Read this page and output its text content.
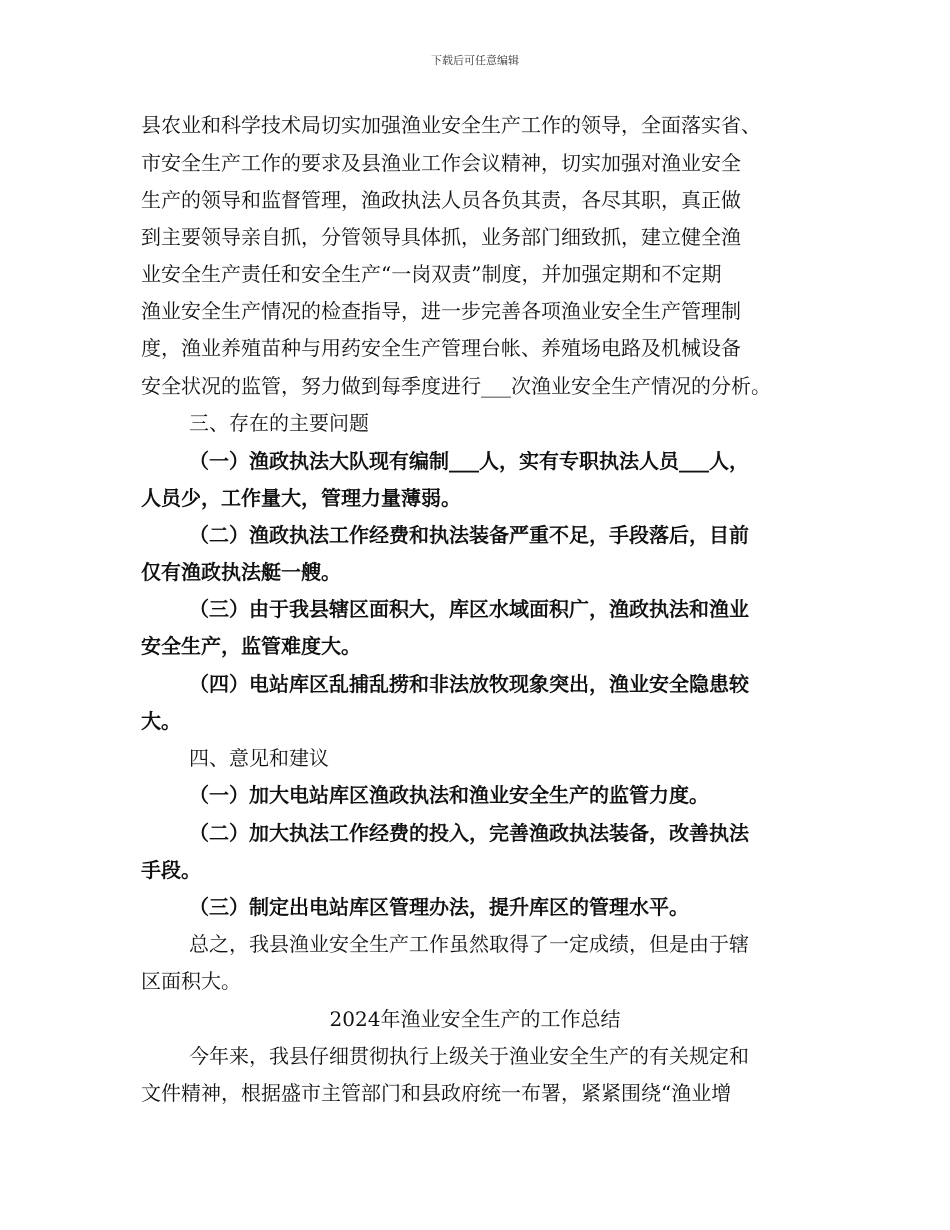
下载后可任意编辑
县农业和科学技术局切实加强渔业安全生产工作的领导，全面落实省、
市安全生产工作的要求及县渔业工作会议精神，切实加强对渔业安全
生产的领导和监督管理，渔政执法人员各负其责，各尽其职，真正做
到主要领导亲自抓，分管领导具体抓，业务部门细致抓，建立健全渔
业安全生产责任和安全生产“一岗双责”制度，并加强定期和不定期
渔业安全生产情况的检查指导，进一步完善各项渔业安全生产管理制
度，渔业养殖苗种与用药安全生产管理台帐、养殖场电路及机械设备
安全状况的监管，努力做到每季度进行___次渔业安全生产情况的分析。
三、存在的主要问题
（一）渔政执法大队现有编制___人，实有专职执法人员___人，
人员少，工作量大，管理力量薄弱。
（二）渔政执法工作经费和执法装备严重不足，手段落后，目前
仅有渔政执法艇一艘。
（三）由于我县辖区面积大，库区水域面积广，渔政执法和渔业
安全生产，监管难度大。
（四）电站库区乱捕乱捞和非法放牧现象突出，渔业安全隐患较
大。
四、意见和建议
（一）加大电站库区渔政执法和渔业安全生产的监管力度。
（二）加大执法工作经费的投入，完善渔政执法装备，改善执法
手段。
（三）制定出电站库区管理办法，提升库区的管理水平。
总之，我县渔业安全生产工作虽然取得了一定成绩，但是由于辖
区面积大。
2024年渔业安全生产的工作总结
今年来，我县仔细贯彻执行上级关于渔业安全生产的有关规定和
文件精神，根据盛市主管部门和县政府统一布署，紧紧围绕“渔业增
